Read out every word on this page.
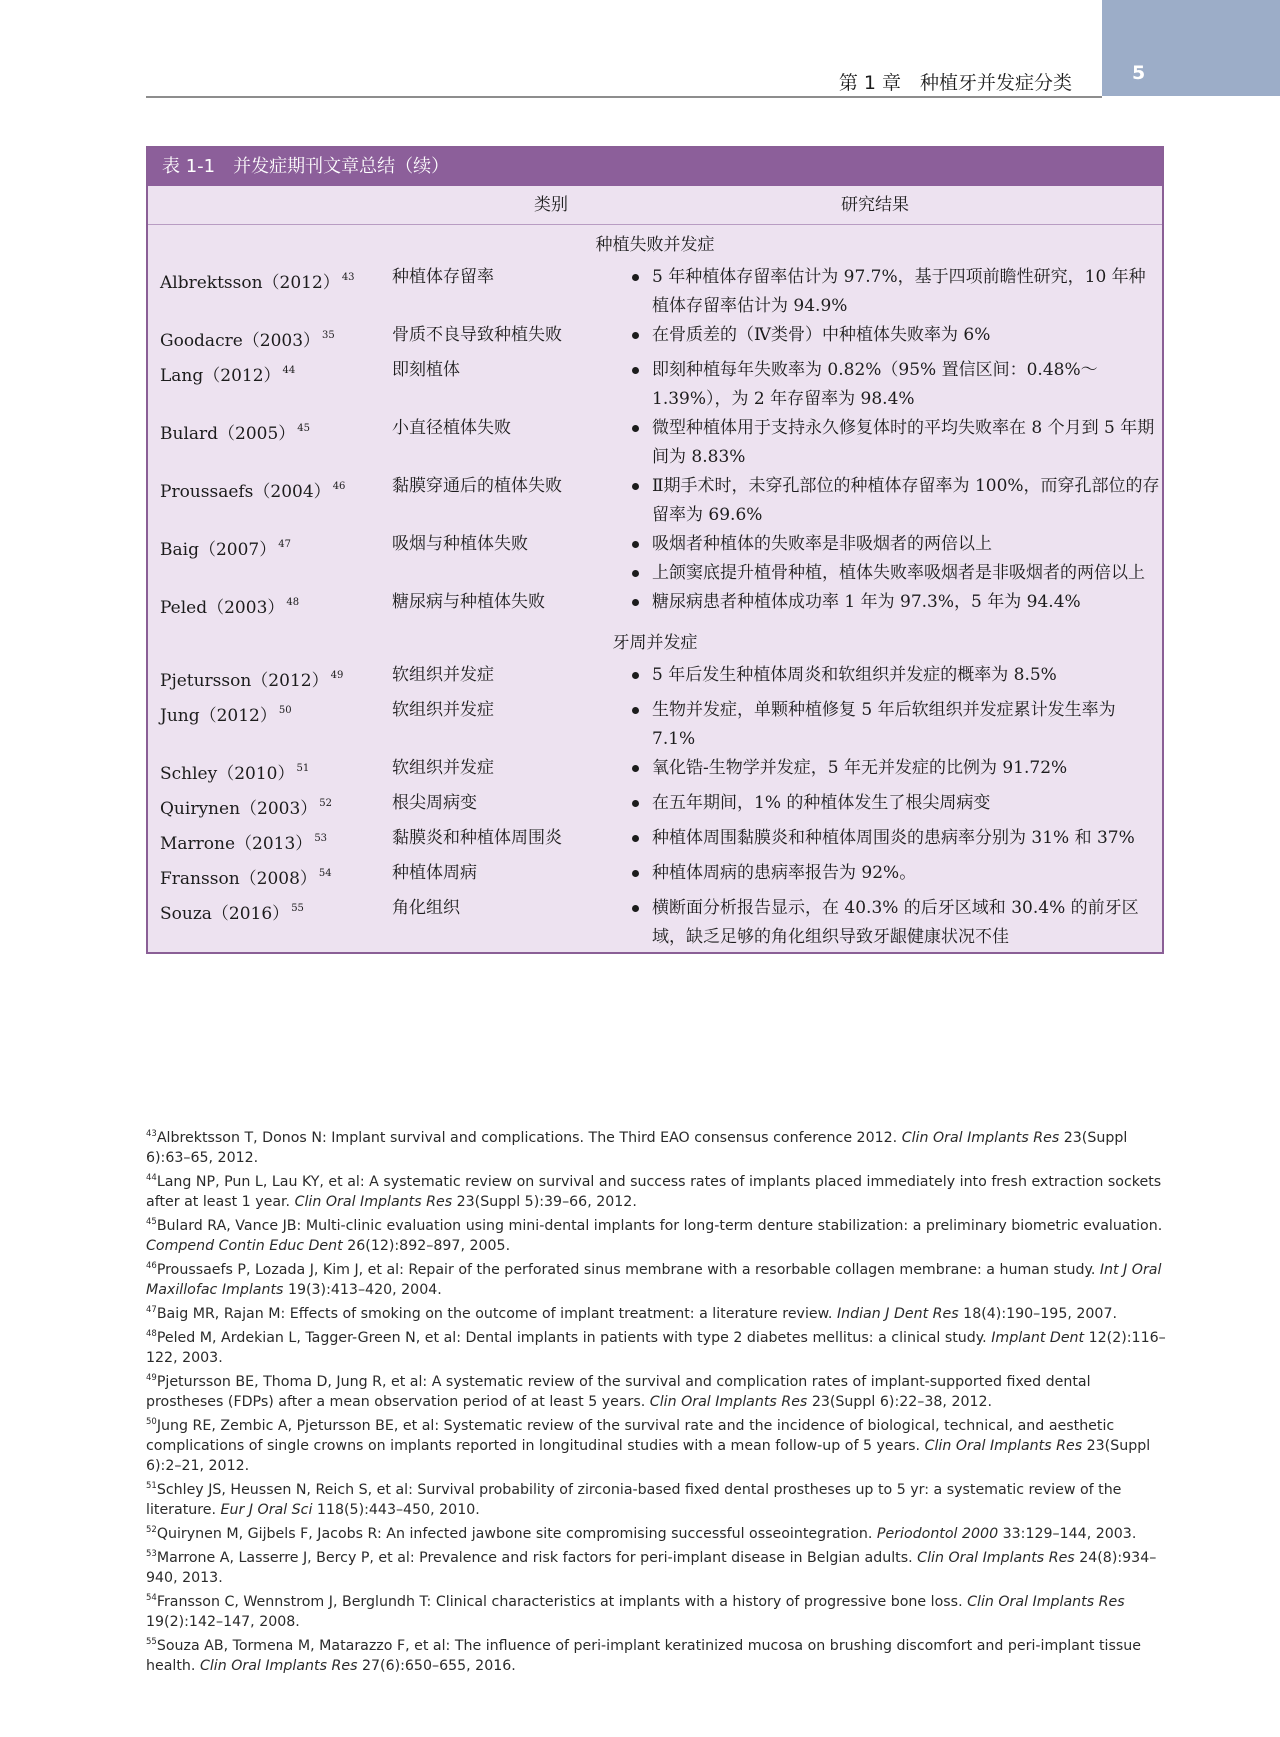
5
第 1 章　种植牙并发症分类
表 1-1　并发症期刊文章总结（续）
类别	研究结果
种植失败并发症
Albrektsson（2012） $^{43}$	种植体存留率	5 年种植体存留率估计为 97.7%，基于四项前瞻性研究，10 年种植体存留率估计为 94.9%
Goodacre（2003） $^{35}$	骨质不良导致种植失败	在骨质差的（Ⅳ类骨）中种植体失败率为 6%
Lang（2012） $^{44}$	即刻植体	即刻种植每年失败率为 0.82%（95% 置信区间：0.48%～1.39%），为 2 年存留率为 98.4%
Bulard（2005） $^{45}$	小直径植体失败	微型种植体用于支持永久修复体时的平均失败率在 8 个月到 5 年期间为 8.83%
Proussaefs（2004） $^{46}$	黏膜穿通后的植体失败	Ⅱ期手术时，未穿孔部位的种植体存留率为 100%，而穿孔部位的存留率为 69.6%
Baig（2007） $^{47}$	吸烟与种植体失败	吸烟者种植体的失败率是非吸烟者的两倍以上
上颌窦底提升植骨种植，植体失败率吸烟者是非吸烟者的两倍以上
Peled（2003） $^{48}$	糖尿病与种植体失败	糖尿病患者种植体成功率 1 年为 97.3%，5 年为 94.4%
牙周并发症
Pjetursson（2012） $^{49}$	软组织并发症	5 年后发生种植体周炎和软组织并发症的概率为 8.5%
Jung（2012） $^{50}$	软组织并发症	生物并发症，单颗种植修复 5 年后软组织并发症累计发生率为 7.1%
Schley（2010） $^{51}$	软组织并发症	氧化锆-生物学并发症，5 年无并发症的比例为 91.72%
Quirynen（2003） $^{52}$	根尖周病变	在五年期间，1% 的种植体发生了根尖周病变
Marrone（2013） $^{53}$	黏膜炎和种植体周围炎	种植体周围黏膜炎和种植体周围炎的患病率分别为 31% 和 37%
Fransson（2008） $^{54}$	种植体周病	种植体周病的患病率报告为 92%。
Souza（2016） $^{55}$	角化组织	横断面分析报告显示，在 40.3% 的后牙区域和 30.4% 的前牙区域，缺乏足够的角化组织导致牙龈健康状况不佳

$^{43}$Albrektsson T, Donos N: Implant survival and complications. The Third EAO consensus conference 2012. Clin Oral Implants Res 23(Suppl 6):63–65, 2012.

$^{44}$Lang NP, Pun L, Lau KY, et al: A systematic review on survival and success rates of implants placed immediately into fresh extraction sockets after at least 1 year. Clin Oral Implants Res 23(Suppl 5):39–66, 2012.

$^{45}$Bulard RA, Vance JB: Multi-clinic evaluation using mini-dental implants for long-term denture stabilization: a preliminary biometric evaluation. Compend Contin Educ Dent 26(12):892–897, 2005.

$^{46}$Proussaefs P, Lozada J, Kim J, et al: Repair of the perforated sinus membrane with a resorbable collagen membrane: a human study. Int J Oral Maxillofac Implants 19(3):413–420, 2004.

$^{47}$Baig MR, Rajan M: Effects of smoking on the outcome of implant treatment: a literature review. Indian J Dent Res 18(4):190–195, 2007.

$^{48}$Peled M, Ardekian L, Tagger-Green N, et al: Dental implants in patients with type 2 diabetes mellitus: a clinical study. Implant Dent 12(2):116–122, 2003.

$^{49}$Pjetursson BE, Thoma D, Jung R, et al: A systematic review of the survival and complication rates of implant-supported fixed dental prostheses (FDPs) after a mean observation period of at least 5 years. Clin Oral Implants Res 23(Suppl 6):22–38, 2012.

$^{50}$Jung RE, Zembic A, Pjetursson BE, et al: Systematic review of the survival rate and the incidence of biological, technical, and aesthetic complications of single crowns on implants reported in longitudinal studies with a mean follow-up of 5 years. Clin Oral Implants Res 23(Suppl 6):2–21, 2012.

$^{51}$Schley JS, Heussen N, Reich S, et al: Survival probability of zirconia-based fixed dental prostheses up to 5 yr: a systematic review of the literature. Eur J Oral Sci 118(5):443–450, 2010.

$^{52}$Quirynen M, Gijbels F, Jacobs R: An infected jawbone site compromising successful osseointegration. Periodontol 2000 33:129–144, 2003.

$^{53}$Marrone A, Lasserre J, Bercy P, et al: Prevalence and risk factors for peri-implant disease in Belgian adults. Clin Oral Implants Res 24(8):934–940, 2013.

$^{54}$Fransson C, Wennstrom J, Berglundh T: Clinical characteristics at implants with a history of progressive bone loss. Clin Oral Implants Res 19(2):142–147, 2008.

$^{55}$Souza AB, Tormena M, Matarazzo F, et al: The influence of peri-implant keratinized mucosa on brushing discomfort and peri-implant tissue health. Clin Oral Implants Res 27(6):650–655, 2016.
